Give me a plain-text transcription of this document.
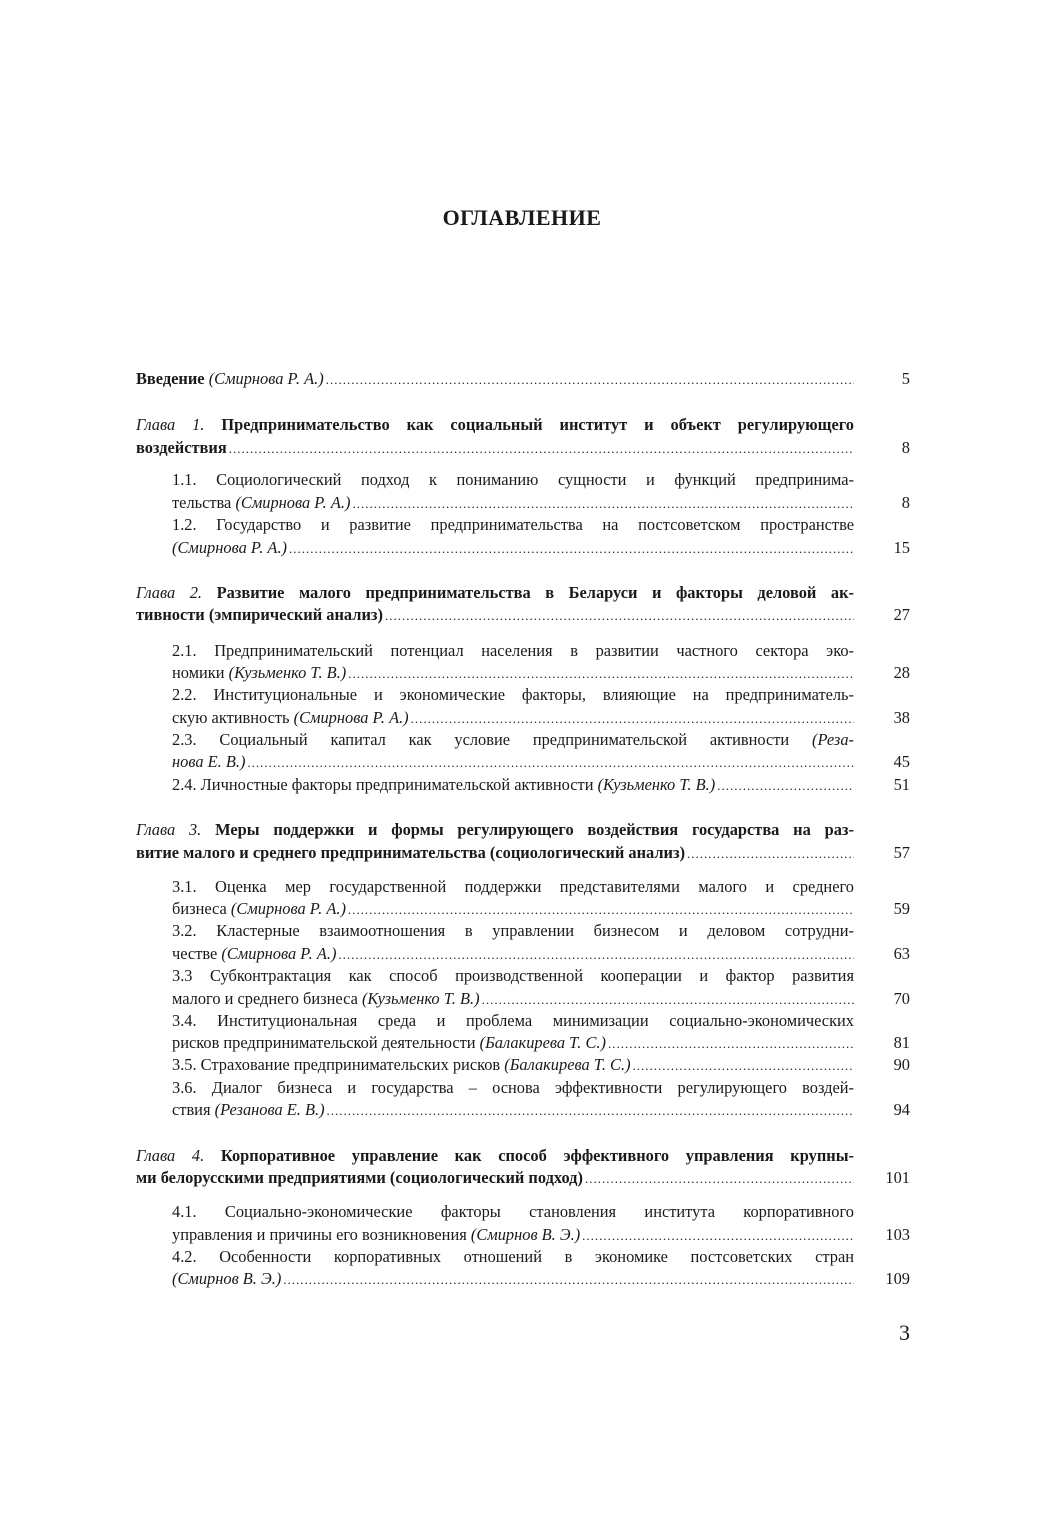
ОГЛАВЛЕНИЕ
Введение (Смирнова Р. А.) .....	5
Глава 1. Предпринимательство как социальный институт и объект регулирующего
воздействия .....	8
1.1. Социологический подход к пониманию сущности и функций предпринима-
тельства (Смирнова Р. А.) .....	8
1.2. Государство и развитие предпринимательства на постсоветском пространстве
(Смирнова Р. А.) .....	15
Глава 2. Развитие малого предпринимательства в Беларуси и факторы деловой ак-
тивности (эмпирический анализ) .....	27
2.1. Предпринимательский потенциал населения в развитии частного сектора эко-
номики (Кузьменко Т. В.) .....	28
2.2. Институциональные и экономические факторы, влияющие на предприниматель-
скую активность (Смирнова Р. А.) .....	38
2.3. Социальный капитал как условие предпринимательской активности (Реза-
нова Е. В.) .....	45
2.4. Личностные факторы предпринимательской активности (Кузьменко Т. В.) .....	51
Глава 3. Меры поддержки и формы регулирующего воздействия государства на раз-
витие малого и среднего предпринимательства (социологический анализ) .....	57
3.1. Оценка мер государственной поддержки представителями малого и среднего
бизнеса (Смирнова Р. А.) .....	59
3.2. Кластерные взаимоотношения в управлении бизнесом и деловом сотрудни-
честве (Смирнова Р. А.) .....	63
3.3 Субконтрактация как способ производственной кооперации и фактор развития
малого и среднего бизнеса (Кузьменко Т. В.) .....	70
3.4. Институциональная среда и проблема минимизации социально-экономических
рисков предпринимательской деятельности (Балакирева Т. С.) .....	81
3.5. Страхование предпринимательских рисков (Балакирева Т. С.) .....	90
3.6. Диалог бизнеса и государства – основа эффективности регулирующего воздей-
ствия (Резанова Е. В.) .....	94
Глава 4. Корпоративное управление как способ эффективного управления крупны-
ми белорусскими предприятиями (социологический подход) .....	101
4.1. Социально-экономические факторы становления института корпоративного
управления и причины его возникновения (Смирнов В. Э.) .....	103
4.2. Особенности корпоративных отношений в экономике постсоветских стран
(Смирнов В. Э.) .....	109
3
